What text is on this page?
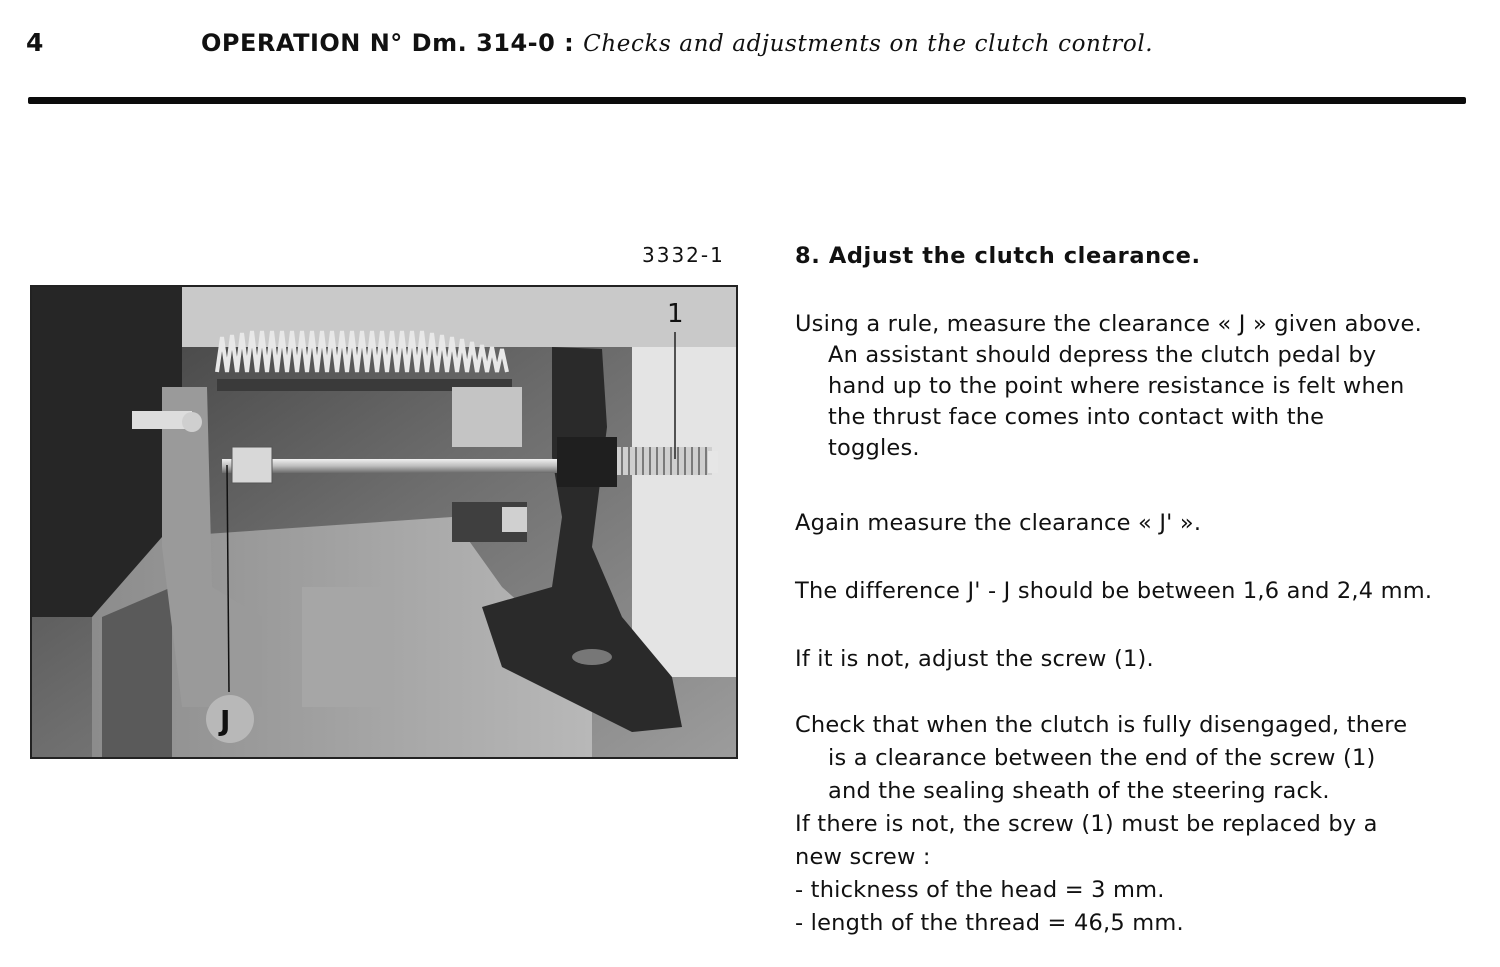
4	OPERATION N° Dm. 314-0 : Checks and adjustments on the clutch control.
3332-1
1
J
8. Adjust the clutch clearance.
Using a rule, measure the clearance « J » given above.
An assistant should depress the clutch pedal by
hand up to the point where resistance is felt when
the thrust face comes into contact with the
toggles.
Again measure the clearance « J' ».
The difference J' - J should be between 1,6 and 2,4 mm.
If it is not, adjust the screw (1).
Check that when the clutch is fully disengaged, there
is a clearance between the end of the screw (1)
and the sealing sheath of the steering rack.
If there is not, the screw (1) must be replaced by a
new screw :
- thickness of the head = 3 mm.
- length of the thread = 46,5 mm.
